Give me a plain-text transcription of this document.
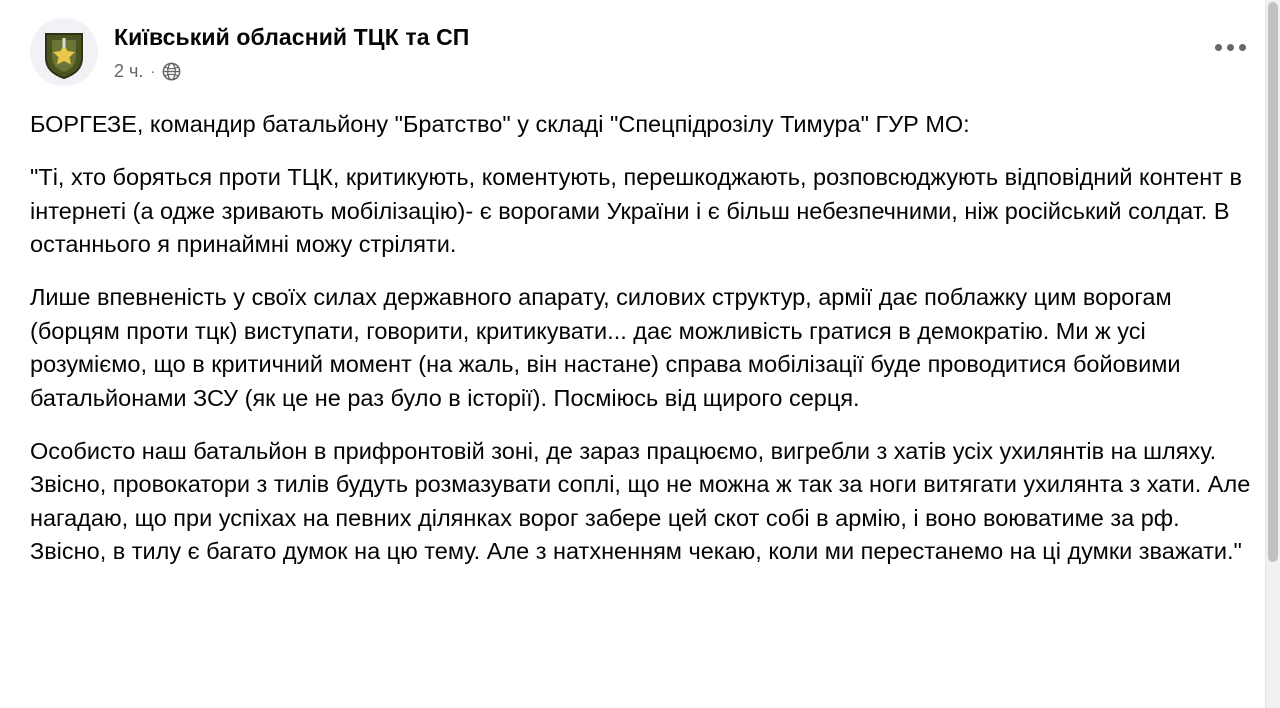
Київський обласний ТЦК та СП
2 ч. ·

БОРГЕЗЕ, командир батальйону "Братство" у складі "Спецпідрозілу Тимура" ГУР МО:

"Ті, хто боряться проти ТЦК, критикують, коментують, перешкоджають, розповсюджують відповідний контент в інтернеті (а одже зривають мобілізацію)- є ворогами України і є більш небезпечними, ніж російський солдат. В останнього я принаймні можу стріляти.

Лише впевненість у своїх силах державного апарату, силових структур, армії дає поблажку цим ворогам (борцям проти тцк) виступати, говорити, критикувати... дає можливість гратися в демократію. Ми ж усі розуміємо, що в критичний момент (на жаль, він настане) справа мобілізації буде проводитися бойовими батальйонами ЗСУ (як це не раз було в історії). Посміюсь від щирого серця.

Особисто наш батальйон в прифронтовій зоні, де зараз працюємо, вигребли з хатів усіх ухилянтів на шляху. Звісно, провокатори з тилів будуть розмазувати соплі, що не можна ж так за ноги витягати ухилянта з хати. Але нагадаю, що при успіхах на певних ділянках ворог забере цей скот собі в армію, і воно воюватиме за рф.

Звісно, в тилу є багато думок на цю тему. Але з натхненням чекаю, коли ми перестанемо на ці думки зважати."
